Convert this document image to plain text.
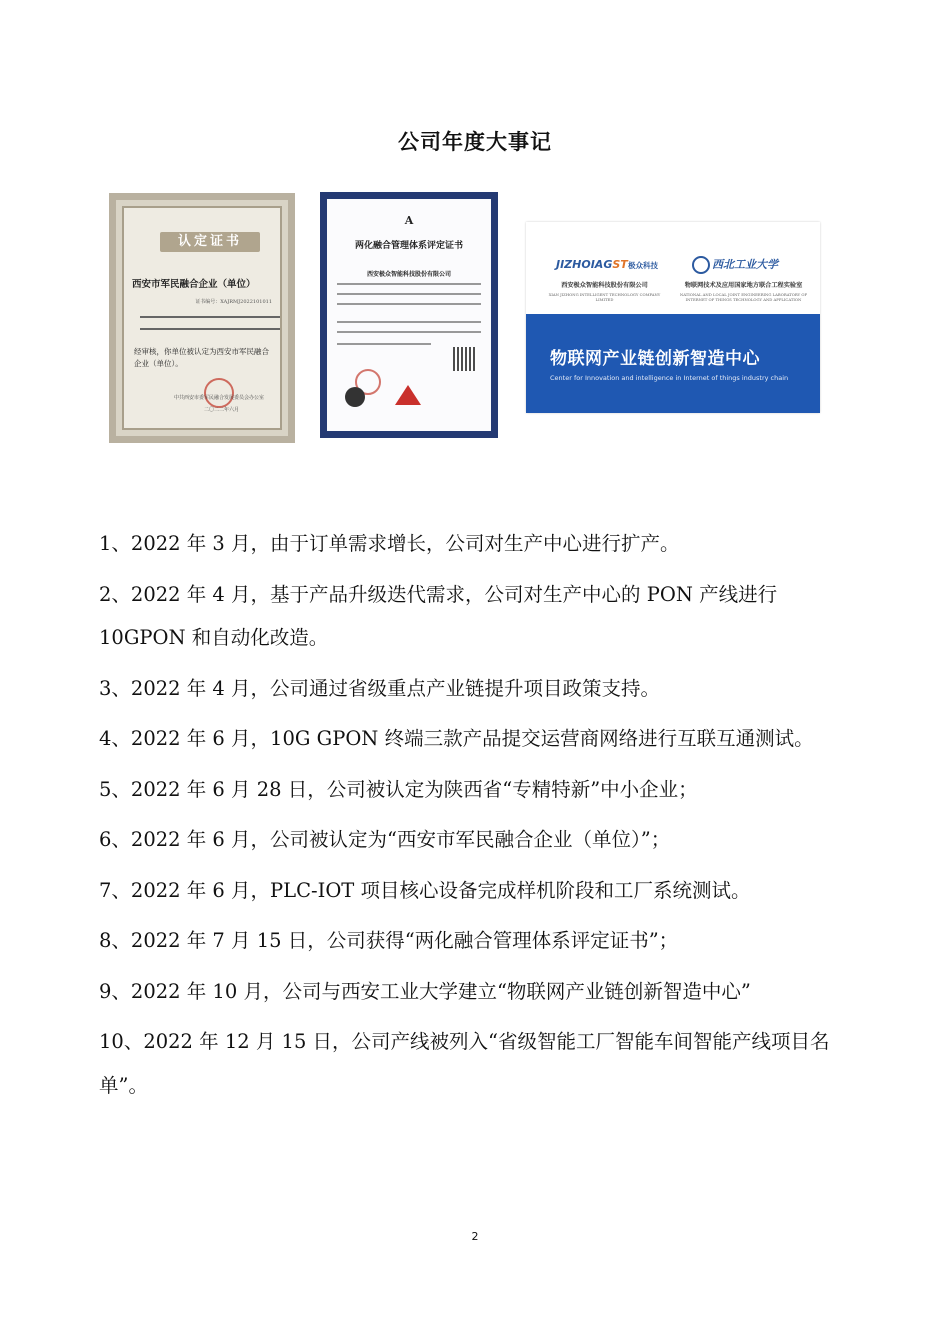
公司年度大事记
认定证书
西安市军民融合企业（单位）
证书编号：XAJRMJ2022101011
经审核，你单位被认定为西安市军民融合企业（单位）。
中共西安市委军民融合发展委员会办公室
二〇二二年六月
A
两化融合管理体系评定证书
西安极众智能科技股份有限公司
JIZHOIAGST 极众科技	西北工业大学
西安极众智能科技股份有限公司
XIAN JIZHONG INTELLIGENT TECHNOLOGY COMPANY LIMITED
物联网技术及应用国家地方联合工程实验室
NATIONAL AND LOCAL JOINT ENGINEERING LABORATORY OF INTERNET OF THINGS TECHNOLOGY AND APPLICATION
物联网产业链创新智造中心
Center for Innovation and intelligence in Internet of things industry chain

1、2022 年 3 月，由于订单需求增长，公司对生产中心进行扩产。

2、2022 年 4 月，基于产品升级迭代需求，公司对生产中心的 PON 产线进行 10GPON 和自动化改造。

3、2022 年 4 月，公司通过省级重点产业链提升项目政策支持。

4、2022 年 6 月，10G GPON 终端三款产品提交运营商网络进行互联互通测试。

5、2022 年 6 月 28 日，公司被认定为陕西省“专精特新”中小企业；

6、2022 年 6 月，公司被认定为“西安市军民融合企业（单位）”；

7、2022 年 6 月，PLC-IOT 项目核心设备完成样机阶段和工厂系统测试。

8、2022 年 7 月 15 日，公司获得“两化融合管理体系评定证书”；

9、2022 年 10 月，公司与西安工业大学建立“物联网产业链创新智造中心”

10、2022 年 12 月 15 日，公司产线被列入“省级智能工厂智能车间智能产线项目名单”。

2
